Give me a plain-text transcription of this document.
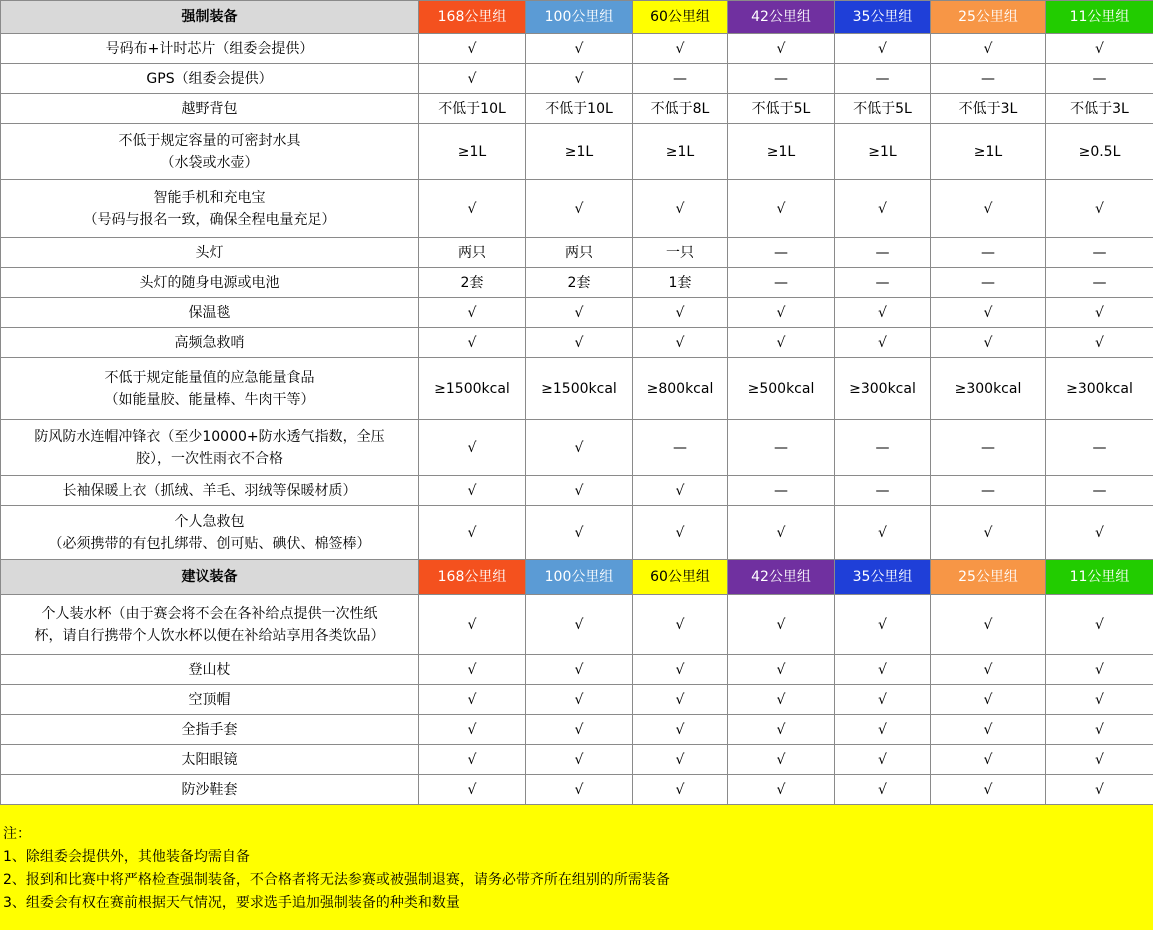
强制装备	168公里组	100公里组	60公里组	42公里组	35公里组	25公里组	11公里组
号码布+计时芯片（组委会提供）	√	√	√	√	√	√	√
GPS（组委会提供）	√	√	—	—	—	—	—
越野背包	不低于10L	不低于10L	不低于8L	不低于5L	不低于5L	不低于3L	不低于3L
不低于规定容量的可密封水具
（水袋或水壶）	≥1L	≥1L	≥1L	≥1L	≥1L	≥1L	≥0.5L
智能手机和充电宝
（号码与报名一致，确保全程电量充足）	√	√	√	√	√	√	√
头灯	两只	两只	一只	—	—	—	—
头灯的随身电源或电池	2套	2套	1套	—	—	—	—
保温毯	√	√	√	√	√	√	√
高频急救哨	√	√	√	√	√	√	√
不低于规定能量值的应急能量食品
（如能量胶、能量棒、牛肉干等）	≥1500kcal	≥1500kcal	≥800kcal	≥500kcal	≥300kcal	≥300kcal	≥300kcal
防风防水连帽冲锋衣（至少10000+防水透气指数，全压
胶），一次性雨衣不合格	√	√	—	—	—	—	—
长袖保暖上衣（抓绒、羊毛、羽绒等保暖材质）	√	√	√	—	—	—	—
个人急救包
（必须携带的有包扎绑带、创可贴、碘伏、棉签棒）	√	√	√	√	√	√	√
建议装备	168公里组	100公里组	60公里组	42公里组	35公里组	25公里组	11公里组
个人装水杯（由于赛会将不会在各补给点提供一次性纸
杯，请自行携带个人饮水杯以便在补给站享用各类饮品）	√	√	√	√	√	√	√
登山杖	√	√	√	√	√	√	√
空顶帽	√	√	√	√	√	√	√
全指手套	√	√	√	√	√	√	√
太阳眼镜	√	√	√	√	√	√	√
防沙鞋套	√	√	√	√	√	√	√
注：
1、除组委会提供外，其他装备均需自备
2、报到和比赛中将严格检查强制装备，不合格者将无法参赛或被强制退赛，请务必带齐所在组别的所需装备
3、组委会有权在赛前根据天气情况，要求选手追加强制装备的种类和数量
